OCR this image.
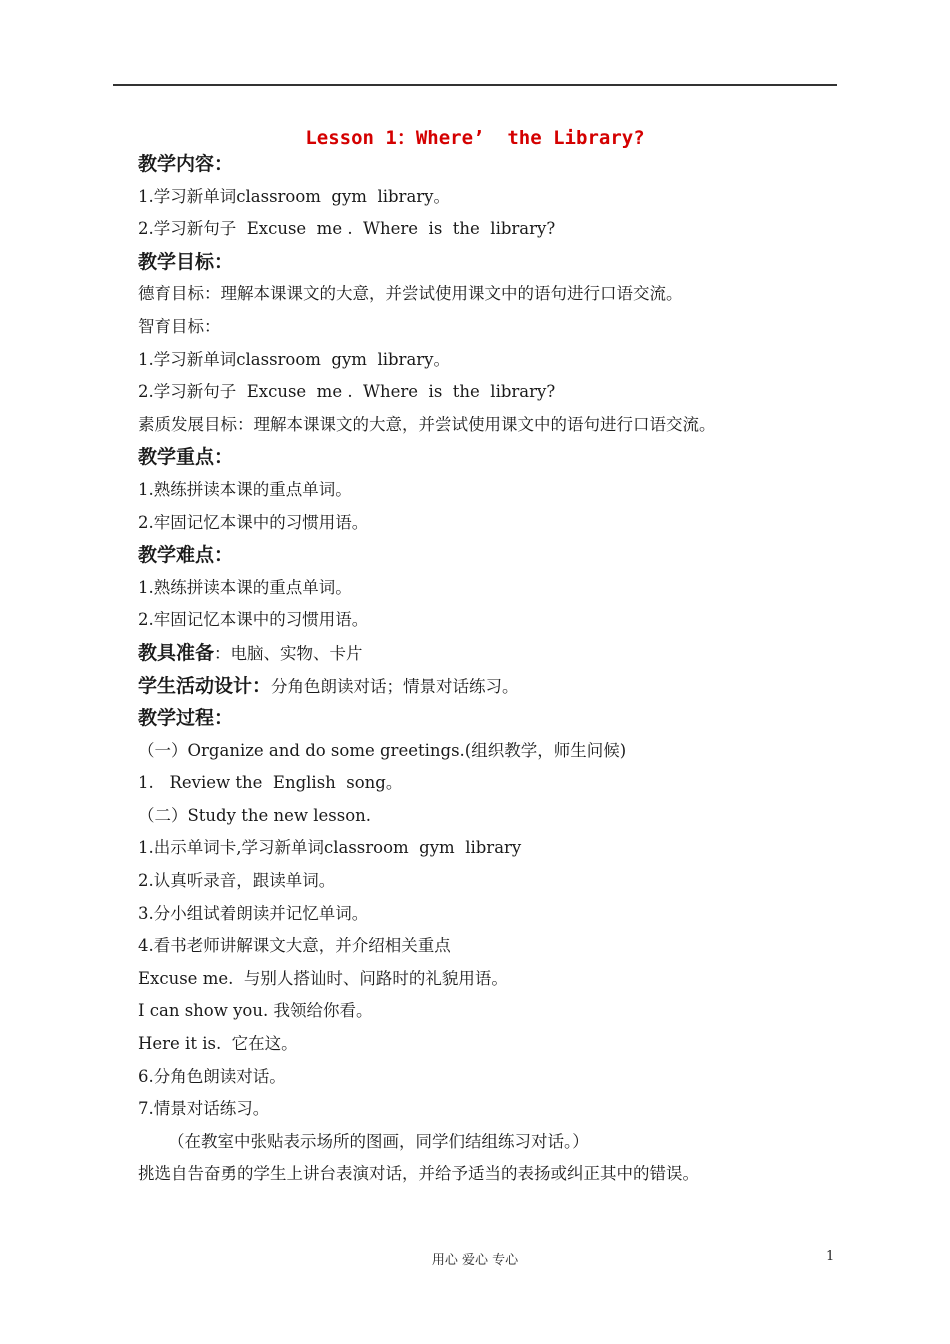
Lesson 1：Where’  the Library?
教学内容：
1.学习新单词classroom  gym  library。
2.学习新句子  Excuse  me .  Where  is  the  library?
教学目标：
德育目标：理解本课课文的大意，并尝试使用课文中的语句进行口语交流。
智育目标：
1.学习新单词classroom  gym  library。
2.学习新句子  Excuse  me .  Where  is  the  library?
素质发展目标：理解本课课文的大意，并尝试使用课文中的语句进行口语交流。
教学重点：
1.熟练拼读本课的重点单词。
2.牢固记忆本课中的习惯用语。
教学难点：
1.熟练拼读本课的重点单词。
2.牢固记忆本课中的习惯用语。
教具准备：电脑、实物、卡片
学生活动设计：分角色朗读对话；情景对话练习。
教学过程：
（一）Organize and do some greetings.(组织教学，师生问候)
1.   Review the  English  song。
（二）Study the new lesson.
1.出示单词卡,学习新单词classroom  gym  library
2.认真听录音，跟读单词。
3.分小组试着朗读并记忆单词。
4.看书老师讲解课文大意，并介绍相关重点
Excuse me.  与别人搭讪时、问路时的礼貌用语。
I can show you. 我领给你看。
Here it is.  它在这。
6.分角色朗读对话。
7.情景对话练习。
（在教室中张贴表示场所的图画，同学们结组练习对话。）
挑选自告奋勇的学生上讲台表演对话，并给予适当的表扬或纠正其中的错误。
用心 爱心 专心	1
